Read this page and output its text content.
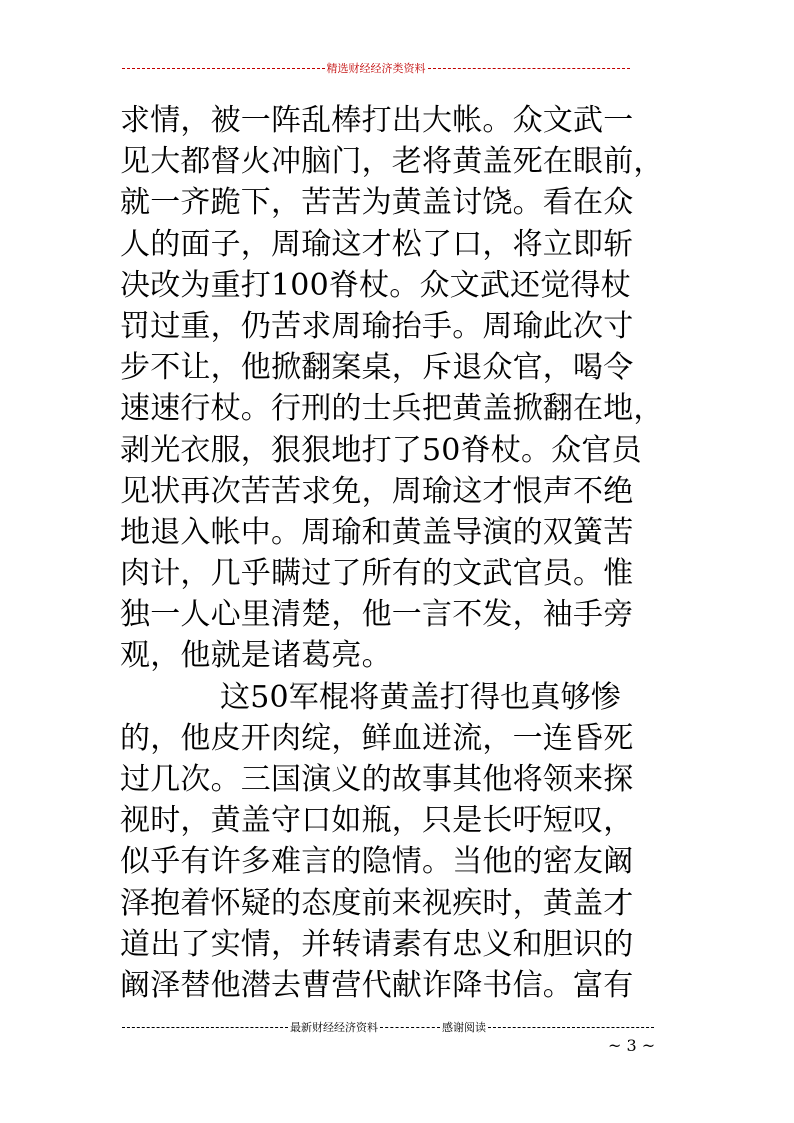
精选财经经济类资料
求情，被一阵乱棒打出大帐。众文武一
见大都督火冲脑门，老将黄盖死在眼前，
就一齐跪下，苦苦为黄盖讨饶。看在众
人的面子，周瑜这才松了口，将立即斩
决改为重打100脊杖。众文武还觉得杖
罚过重，仍苦求周瑜抬手。周瑜此次寸
步不让，他掀翻案桌，斥退众官，喝令
速速行杖。行刑的士兵把黄盖掀翻在地，
剥光衣服，狠狠地打了50脊杖。众官员
见状再次苦苦求免，周瑜这才恨声不绝
地退入帐中。周瑜和黄盖导演的双簧苦
肉计，几乎瞒过了所有的文武官员。惟
独一人心里清楚，他一言不发，袖手旁
观，他就是诸葛亮。
这50军棍将黄盖打得也真够惨
的，他皮开肉绽，鲜血迸流，一连昏死
过几次。三国演义的故事其他将领来探
视时，黄盖守口如瓶，只是长吁短叹，
似乎有许多难言的隐情。当他的密友阚
泽抱着怀疑的态度前来视疾时，黄盖才
道出了实情，并转请素有忠义和胆识的
阚泽替他潜去曹营代献诈降书信。富有
最新财经经济资料	感谢阅读
~ 3 ~
